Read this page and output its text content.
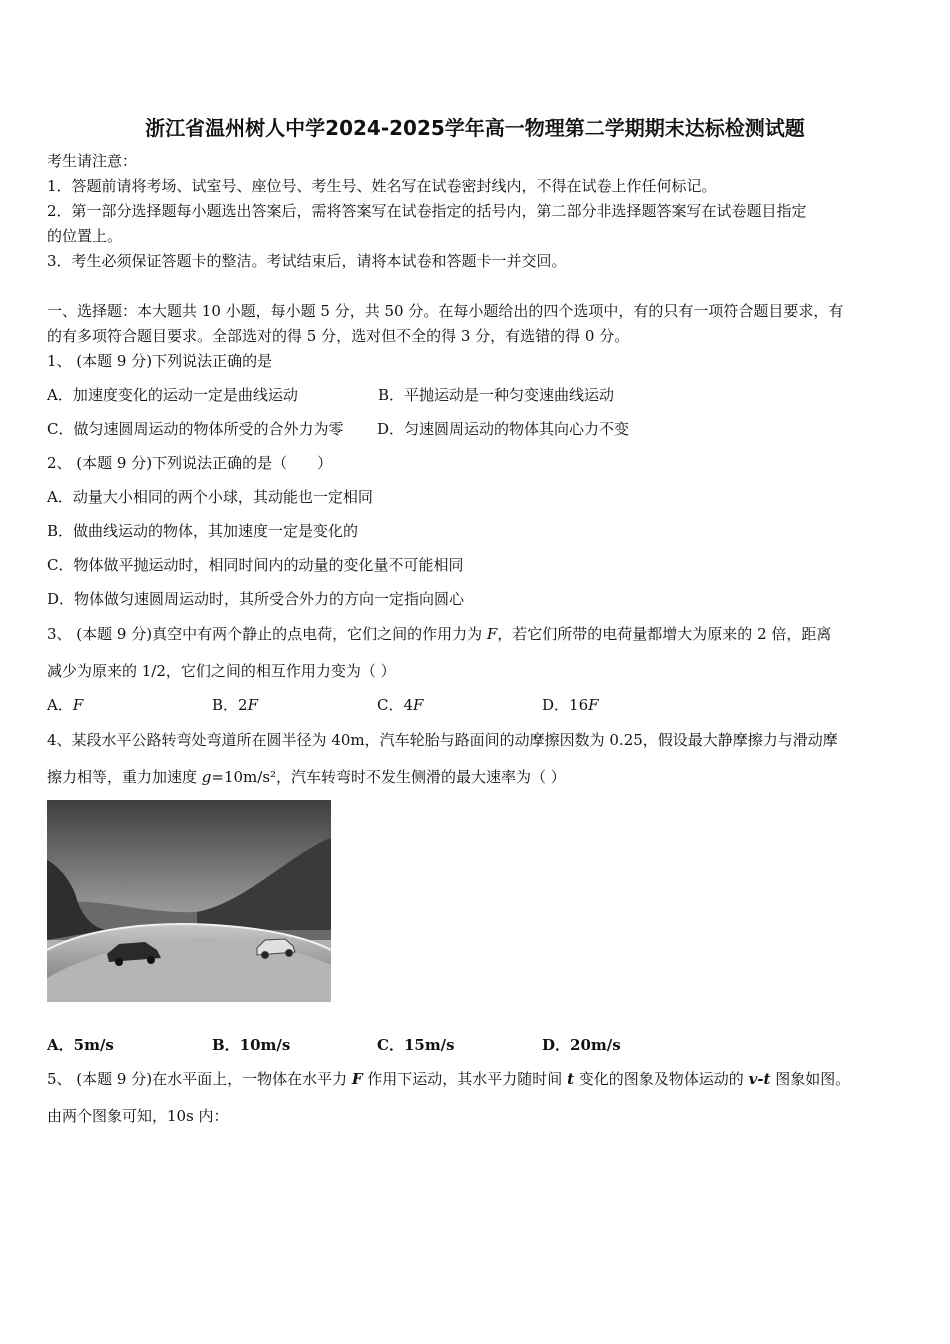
浙江省温州树人中学2024-2025学年高一物理第二学期期末达标检测试题
考生请注意：
1．答题前请将考场、试室号、座位号、考生号、姓名写在试卷密封线内，不得在试卷上作任何标记。
2．第一部分选择题每小题选出答案后，需将答案写在试卷指定的括号内，第二部分非选择题答案写在试卷题目指定
的位置上。
3．考生必须保证答题卡的整洁。考试结束后，请将本试卷和答题卡一并交回。
一、选择题：本大题共 10 小题，每小题 5 分，共 50 分。在每小题给出的四个选项中，有的只有一项符合题目要求，有
的有多项符合题目要求。全部选对的得 5 分，选对但不全的得 3 分，有选错的得 0 分。
1、 (本题 9 分)下列说法正确的是
A．加速度变化的运动一定是曲线运动	B．平抛运动是一种匀变速曲线运动
C．做匀速圆周运动的物体所受的合外力为零 D．匀速圆周运动的物体其向心力不变
2、 (本题 9 分)下列说法正确的是（　　）
A．动量大小相同的两个小球，其动能也一定相同
B．做曲线运动的物体，其加速度一定是变化的
C．物体做平抛运动时，相同时间内的动量的变化量不可能相同
D．物体做匀速圆周运动时，其所受合外力的方向一定指向圆心
3、 (本题 9 分)真空中有两个静止的点电荷，它们之间的作用力为 F，若它们所带的电荷量都增大为原来的 2 倍，距离
减少为原来的 1/2，它们之间的相互作用力变为（ ）
A．F	B．2F	C．4F	D．16F
4、某段水平公路转弯处弯道所在圆半径为 40m，汽车轮胎与路面间的动摩擦因数为 0.25，假设最大静摩擦力与滑动摩
擦力相等，重力加速度 g=10m/s²，汽车转弯时不发生侧滑的最大速率为（ ）
A．5m/s	B．10m/s	C．15m/s	D．20m/s
5、 (本题 9 分)在水平面上，一物体在水平力 F 作用下运动，其水平力随时间 t 变化的图象及物体运动的 v-t 图象如图。
由两个图象可知，10s 内：
